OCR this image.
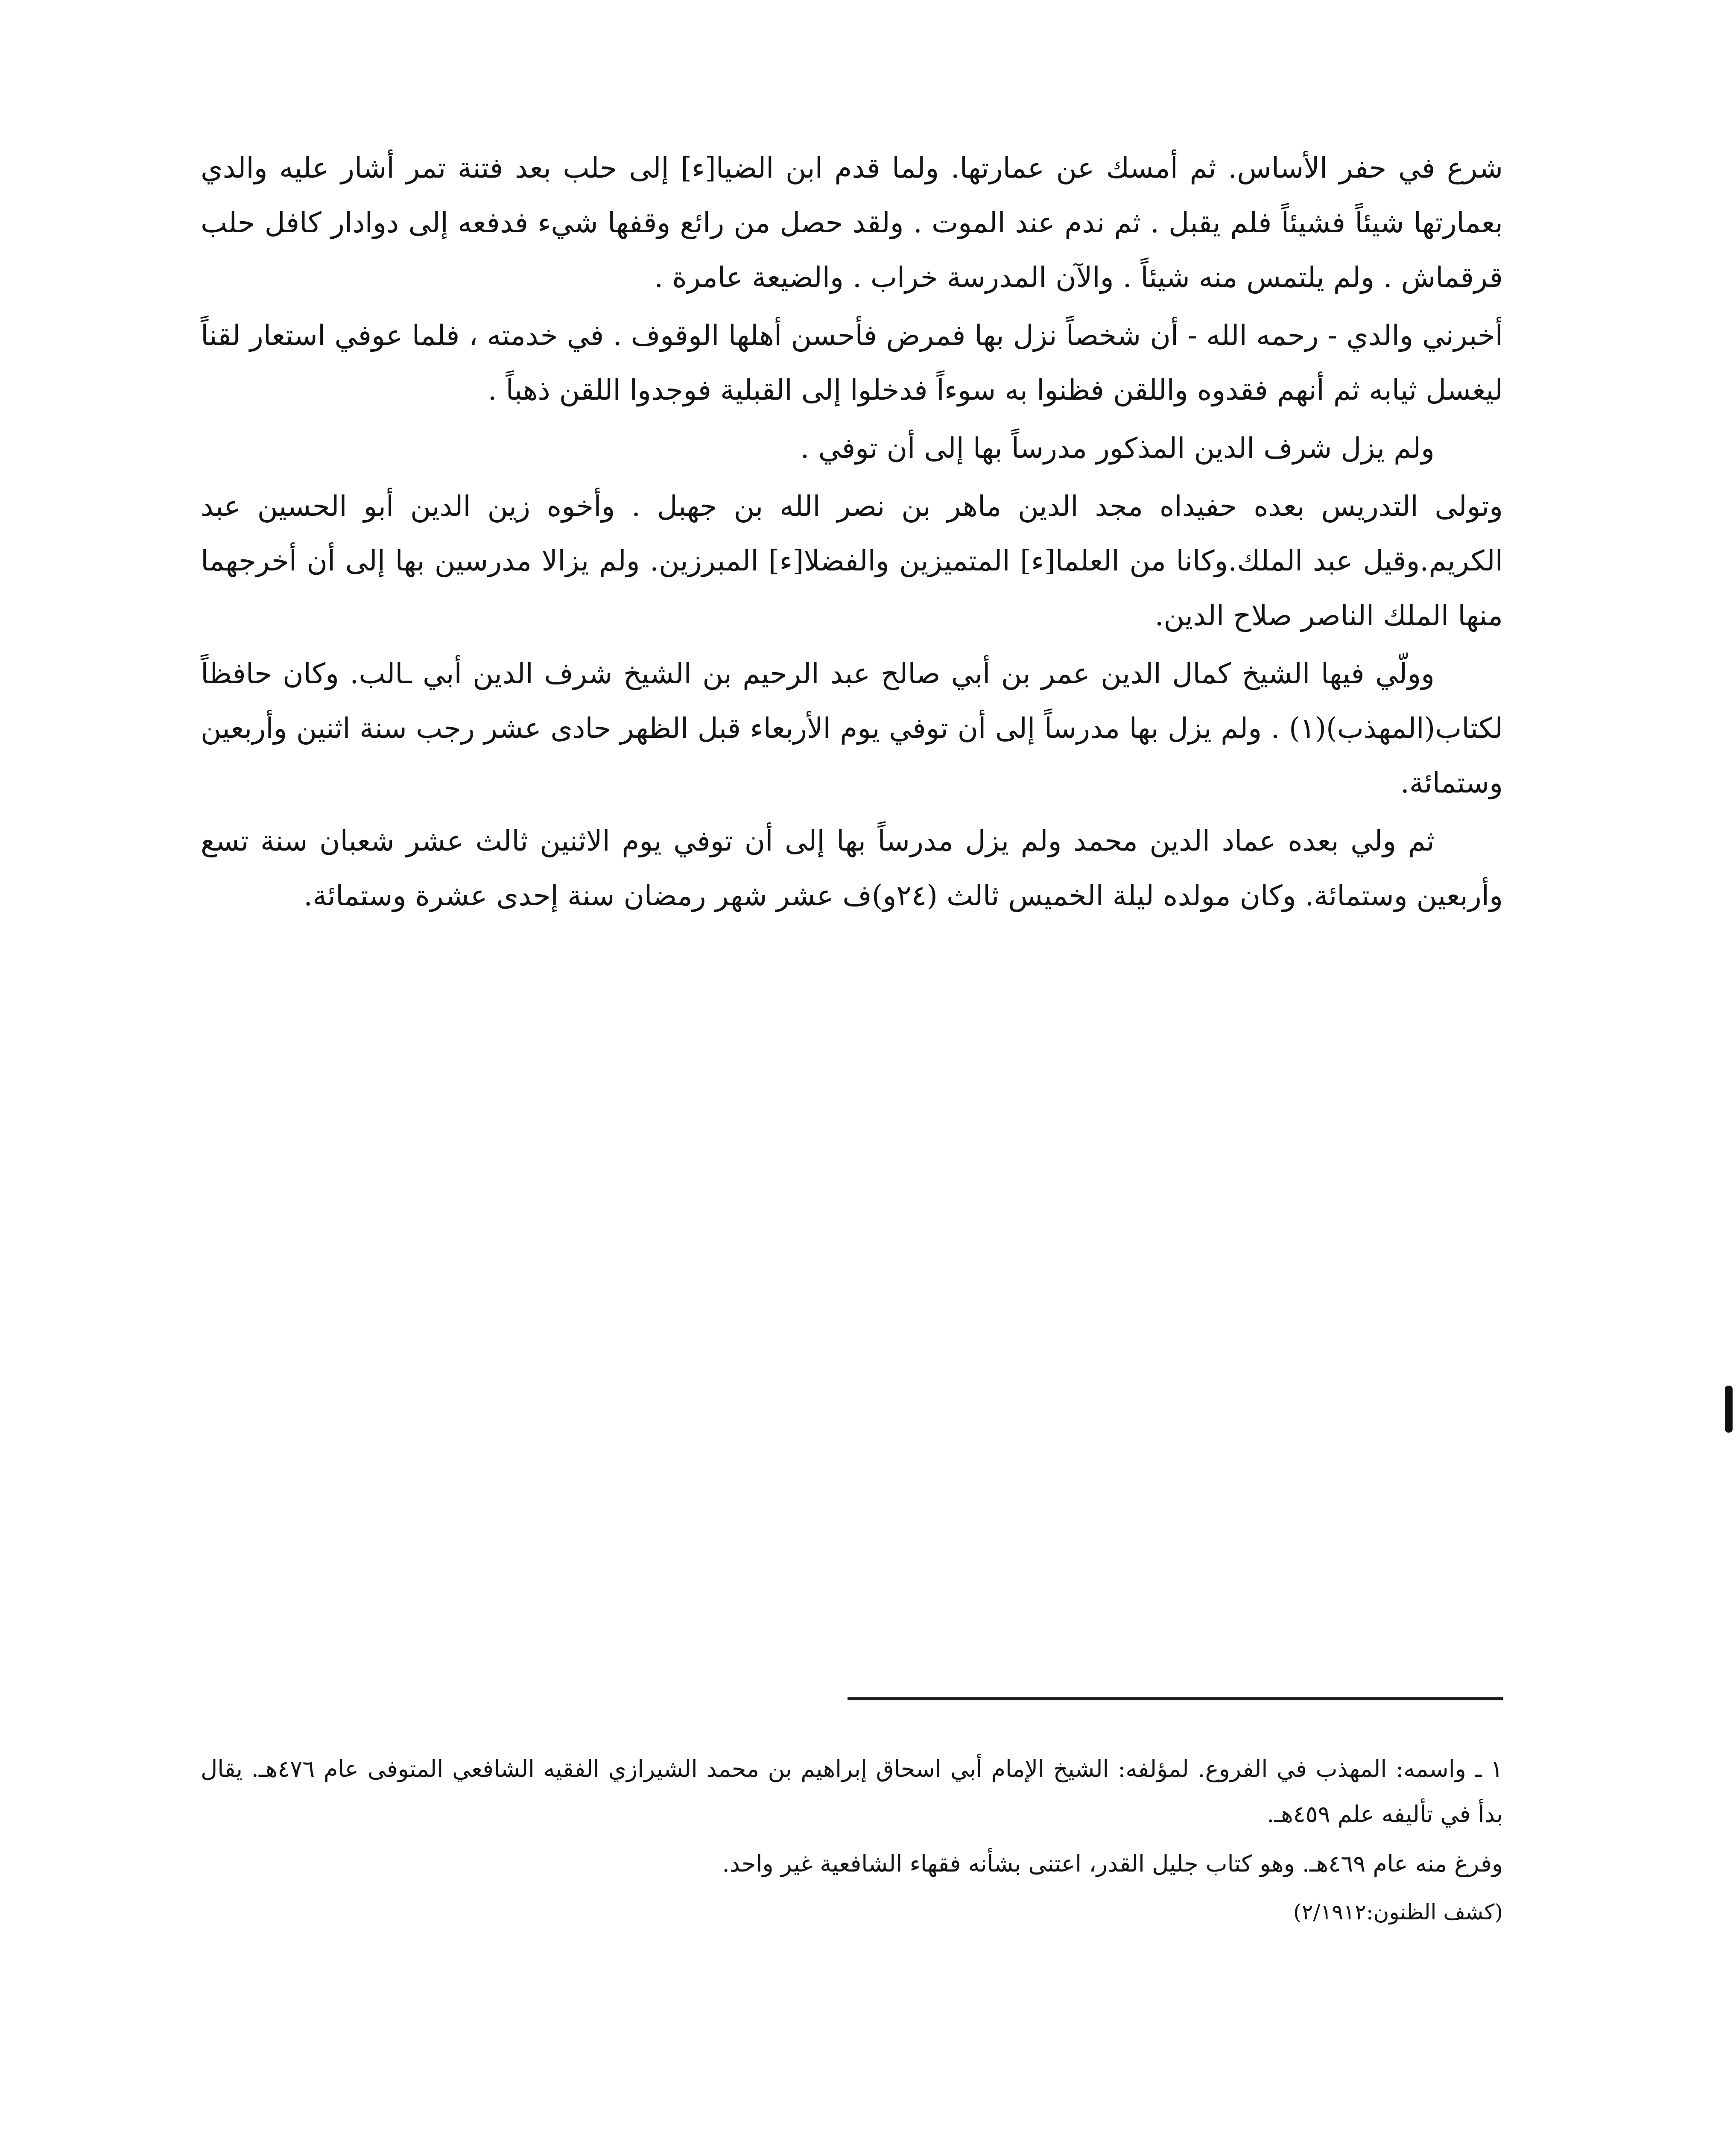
شرع في حفر الأساس. ثم أمسك عن عمارتها. ولما قدم ابن الضيا[ء] إلى حلب بعد فتنة تمر أشار عليه والدي بعمارتها شيئاً فشيئاً فلم يقبل . ثم ندم عند الموت . ولقد حصل من رائع وقفها شيء فدفعه إلى دوادار كافل حلب قرقماش . ولم يلتمس منه شيئاً . والآن المدرسة خراب . والضيعة عامرة .

أخبرني والدي - رحمه الله - أن شخصاً نزل بها فمرض فأحسن أهلها الوقوف . في خدمته ، فلما عوفي استعار لقناً ليغسل ثيابه ثم أنهم فقدوه واللقن فظنوا به سوءاً فدخلوا إلى القبلية فوجدوا اللقن ذهباً .

ولم يزل شرف الدين المذكور مدرساً بها إلى أن توفي .

وتولى التدريس بعده حفيداه مجد الدين ماهر بن نصر الله بن جهبل . وأخوه زين الدين أبو الحسين عبد الكريم.وقيل عبد الملك.وكانا من العلما[ء] المتميزين والفضلا[ء] المبرزين. ولم يزالا مدرسين بها إلى أن أخرجهما منها الملك الناصر صلاح الدين.

وولّي فيها الشيخ كمال الدين عمر بن أبي صالح عبد الرحيم بن الشيخ شرف الدين أبي ⁠ـالب. وكان حافظاً لكتاب(المهذب)(١) . ولم يزل بها مدرساً إلى أن توفي يوم الأربعاء قبل الظهر حادى عشر رجب سنة اثنين وأربعين وستمائة.

ثم ولي بعده عماد الدين محمد ولم يزل مدرساً بها إلى أن توفي يوم الاثنين ثالث عشر شعبان سنة تسع وأربعين وستمائة. وكان مولده ليلة الخميس ثالث (٢٤و)ف عشر شهر رمضان سنة إحدى عشرة وستمائة.

١ ـ واسمه: المهذب في الفروع. لمؤلفه: الشيخ الإمام أبي اسحاق إبراهيم بن محمد الشيرازي الفقيه الشافعي المتوفى عام ٤٧٦هـ. يقال بدأ في تأليفه علم ٤٥٩هـ.

وفرغ منه عام ٤٦٩هـ. وهو كتاب جليل القدر، اعتنى بشأنه فقهاء الشافعية غير واحد.

(كشف الظنون:٢/١٩١٢)
